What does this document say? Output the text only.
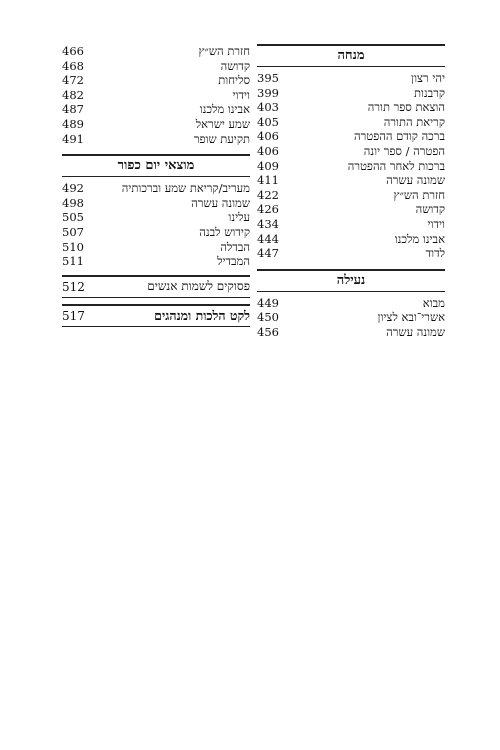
מנחה
395	יהי רצון
399	קרבנות
403	הוצאת ספר תורה
405	קריאת התורה
406	ברכה קודם ההפטרה
406	הפטרה / ספר יונה
409	ברכות לאחר ההפטרה
411	שמונה עשרה
422	חזרת הש״ץ
426	קדושה
434	וידוי
444	אבינו מלכנו
447	לדוד
נעילה
449	מבוא
450	אשרי־ובא לציון
456	שמונה עשרה
466	חזרת הש״ץ
468	קדושה
472	סליחות
482	וידוי
487	אבינו מלכנו
489	שמע ישראל
491	תקיעת שופר
מוצאי יום כפור
492	מעריב/קריאת שמע וברכותיה
498	שמונה עשרה
505	עלינו
507	קידוש לבנה
510	הבדלה
511	המבדיל
512	פסוקים לשמות אנשים
517	לקט הלכות ומנהגים
